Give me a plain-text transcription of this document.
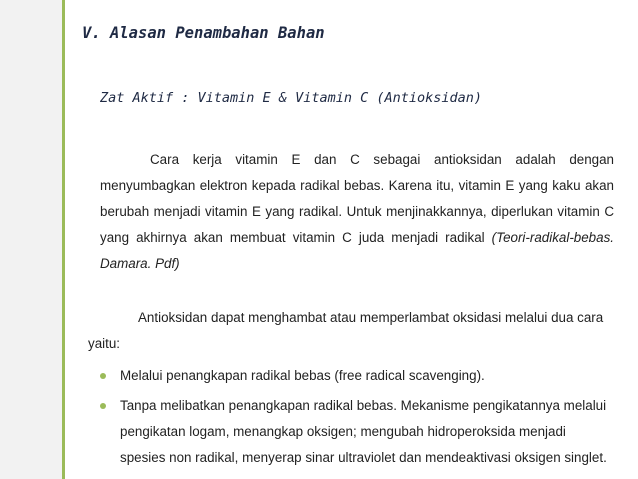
V. Alasan Penambahan Bahan
Zat Aktif : Vitamin E & Vitamin C (Antioksidan)

Cara kerja vitamin E dan C sebagai antioksidan adalah dengan menyumbagkan elektron kepada radikal bebas. Karena itu, vitamin E yang kaku akan berubah menjadi vitamin E yang radikal. Untuk menjinakkannya, diperlukan vitamin C yang akhirnya akan membuat vitamin C juda menjadi radikal (Teori-radikal-bebas. Damara. Pdf)

Antioksidan dapat menghambat atau memperlambat oksidasi melalui dua cara yaitu:

Melalui penangkapan radikal bebas (free radical scavenging).
Tanpa melibatkan penangkapan radikal bebas. Mekanisme pengikatannya melalui pengikatan logam, menangkap oksigen; mengubah hidroperoksida menjadi spesies non radikal, menyerap sinar ultraviolet dan mendeaktivasi oksigen singlet.
